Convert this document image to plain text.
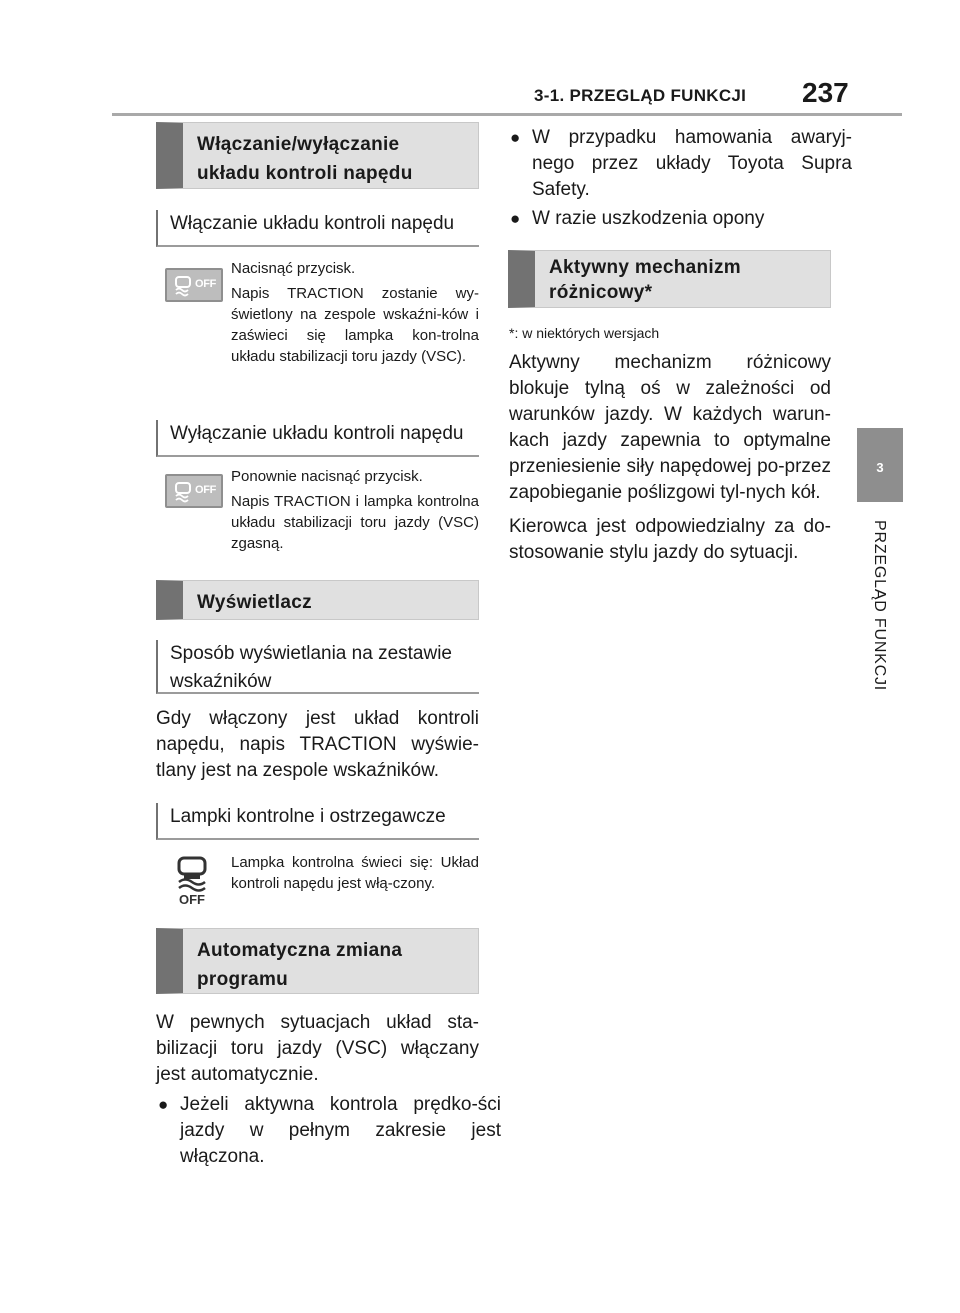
3-1. PRZEGLĄD FUNKCJI 237
3
PRZEGLĄD FUNKCJI
Włączanie/wyłączanie
układu kontroli napędu
Włączanie układu kontroli napędu
OFF

Nacisnąć przycisk.

Napis TRACTION zostanie wy-świetlony na zespole wskaźni-ków i zaświeci się lampka kon-trolna układu stabilizacji toru jazdy (VSC).

Wyłączanie układu kontroli napędu
OFF

Ponownie nacisnąć przycisk.

Napis TRACTION i lampka kontrolna układu stabilizacji toru jazdy (VSC) zgasną.

Wyświetlacz
Sposób wyświetlania na zestawie
wskaźników

Gdy włączony jest układ kontroli napędu, napis TRACTION wyświe-tlany jest na zespole wskaźników.

Lampki kontrolne i ostrzegawcze
OFF

Lampka kontrolna świeci się: Układ kontroli napędu jest włą-czony.

Automatyczna zmiana
programu

W pewnych sytuacjach układ sta-bilizacji toru jazdy (VSC) włączany jest automatycznie.

● Jeżeli aktywna kontrola prędko-ści jazdy w pełnym zakresie jest włączona.
● W przypadku hamowania awaryj-nego przez układy Toyota Supra Safety.
● W razie uszkodzenia opony
Aktywny mechanizm
różnicowy*
*: w niektórych wersjach

Aktywny mechanizm różnicowy blokuje tylną oś w zależności od warunków jazdy. W każdych warun-kach jazdy zapewnia to optymalne przeniesienie siły napędowej po-przez zapobieganie poślizgowi tyl-nych kół.

Kierowca jest odpowiedzialny za do-stosowanie stylu jazdy do sytuacji.
